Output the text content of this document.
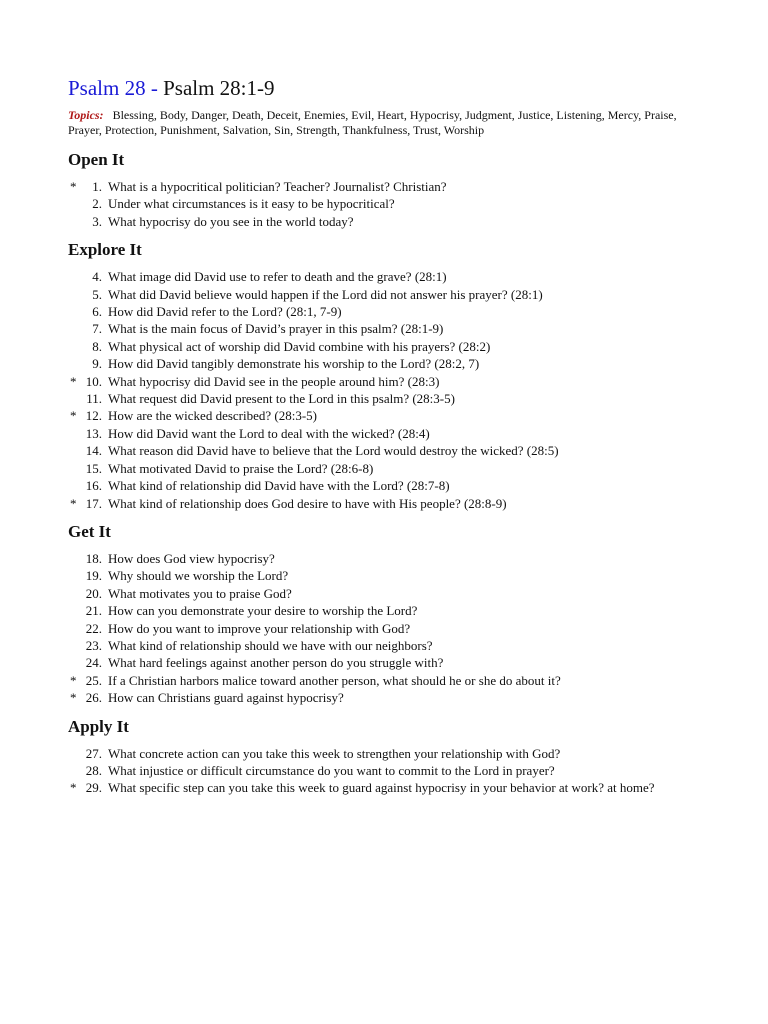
Psalm 28 - Psalm 28:1-9

Topics: Blessing, Body, Danger, Death, Deceit, Enemies, Evil, Heart, Hypocrisy, Judgment, Justice, Listening, Mercy, Praise, Prayer, Protection, Punishment, Salvation, Sin, Strength, Thankfulness, Trust, Worship

Open It
*	1. What is a hypocritical politician? Teacher? Journalist? Christian?
2. Under what circumstances is it easy to be hypocritical?
3. What hypocrisy do you see in the world today?
Explore It
4. What image did David use to refer to death and the grave? (28:1)
5. What did David believe would happen if the Lord did not answer his prayer? (28:1)
6. How did David refer to the Lord? (28:1, 7-9)
7. What is the main focus of David’s prayer in this psalm? (28:1-9)
8. What physical act of worship did David combine with his prayers? (28:2)
9. How did David tangibly demonstrate his worship to the Lord? (28:2, 7)
* 10. What hypocrisy did David see in the people around him? (28:3)
11. What request did David present to the Lord in this psalm? (28:3-5)
* 12. How are the wicked described? (28:3-5)
13. How did David want the Lord to deal with the wicked? (28:4)
14. What reason did David have to believe that the Lord would destroy the wicked? (28:5)
15. What motivated David to praise the Lord? (28:6-8)
16. What kind of relationship did David have with the Lord? (28:7-8)
* 17. What kind of relationship does God desire to have with His people? (28:8-9)
Get It
18. How does God view hypocrisy?
19. Why should we worship the Lord?
20. What motivates you to praise God?
21. How can you demonstrate your desire to worship the Lord?
22. How do you want to improve your relationship with God?
23. What kind of relationship should we have with our neighbors?
24. What hard feelings against another person do you struggle with?
* 25. If a Christian harbors malice toward another person, what should he or she do about it?
* 26. How can Christians guard against hypocrisy?
Apply It
27. What concrete action can you take this week to strengthen your relationship with God?
28. What injustice or difficult circumstance do you want to commit to the Lord in prayer?
* 29. What specific step can you take this week to guard against hypocrisy in your behavior at work? at home?
